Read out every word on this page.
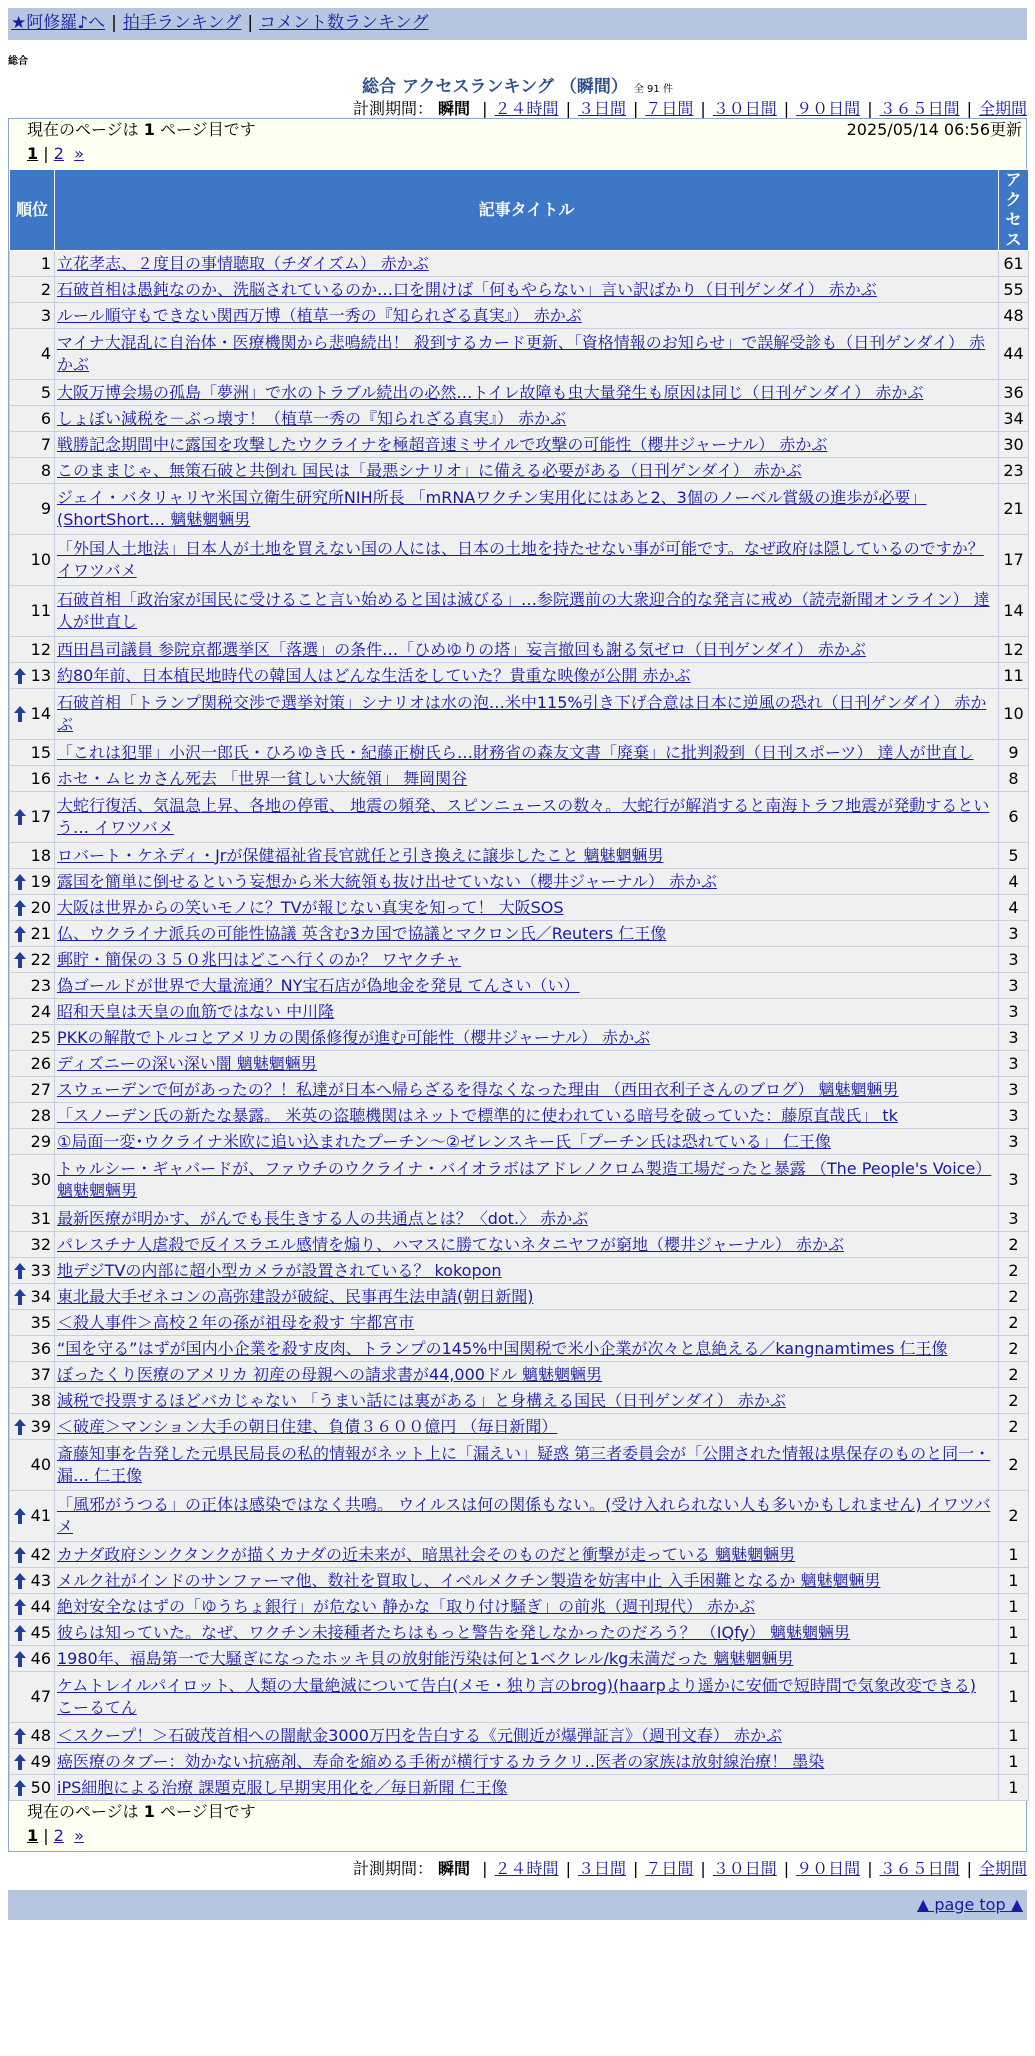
★阿修羅♪へ | 拍手ランキング | コメント数ランキング
総合
総合 アクセスランキング （瞬間） 全 91 件
計測期間： 瞬間 | ２４時間 | ３日間 | ７日間 | ３０日間 | ９０日間 | ３６５日間 | 全期間
現在のページは 1 ページ目です	2025/05/14 06:56更新
1 | 2 »
順位	記事タイトル	アクセス
1	立花孝志、２度目の事情聴取（チダイズム） 赤かぶ	61
2	石破首相は愚鈍なのか、洗脳されているのか…口を開けば「何もやらない」言い訳ばかり（日刊ゲンダイ） 赤かぶ	55
3	ルール順守もできない関西万博（植草一秀の『知られざる真実』） 赤かぶ	48
4	マイナ大混乱に自治体・医療機関から悲鳴続出！ 殺到するカード更新、「資格情報のお知らせ」で誤解受診も（日刊ゲンダイ） 赤かぶ	44
5	大阪万博会場の孤島「夢洲」で水のトラブル続出の必然…トイレ故障も虫大量発生も原因は同じ（日刊ゲンダイ） 赤かぶ	36
6	しょぼい減税を－ぶっ壊す！（植草一秀の『知られざる真実』） 赤かぶ	34
7	戦勝記念期間中に露国を攻撃したウクライナを極超音速ミサイルで攻撃の可能性（櫻井ジャーナル） 赤かぶ	30
8	このままじゃ、無策石破と共倒れ 国民は「最悪シナリオ」に備える必要がある（日刊ゲンダイ） 赤かぶ	23
9	ジェイ・バタリャリヤ米国立衛生研究所NIH所長 「mRNAワクチン実用化にはあと2、3個のノーベル賞級の進歩が必要」(ShortShort… 魑魅魍魎男	21
10	「外国人土地法」日本人が土地を買えない国の人には、日本の土地を持たせない事が可能です。なぜ政府は隠しているのですか？ イワツバメ	17
11	石破首相「政治家が国民に受けること言い始めると国は滅びる」…参院選前の大衆迎合的な発言に戒め（読売新聞オンライン） 達人が世直し	14
12	西田昌司議員 参院京都選挙区「落選」の条件…「ひめゆりの塔」妄言撤回も謝る気ゼロ（日刊ゲンダイ） 赤かぶ	12

13	約80年前、日本植民地時代の韓国人はどんな生活をしていた？貴重な映像が公開 赤かぶ	11

14	石破首相「トランプ関税交渉で選挙対策」シナリオは水の泡…米中115%引き下げ合意は日本に逆風の恐れ（日刊ゲンダイ） 赤かぶ	10
15	「これは犯罪」小沢一郎氏・ひろゆき氏・紀藤正樹氏ら…財務省の森友文書「廃棄」に批判殺到（日刊スポーツ） 達人が世直し	9
16	ホセ・ムヒカさん死去 「世界一貧しい大統領」 舞岡関谷	8

17	大蛇行復活、気温急上昇、各地の停電、 地震の頻発、スピンニュースの数々。大蛇行が解消すると南海トラフ地震が発動するという… イワツバメ	6
18	ロバート・ケネディ・Jrが保健福祉省長官就任と引き換えに譲歩したこと 魑魅魍魎男	5

19	露国を簡単に倒せるという妄想から米大統領も抜け出せていない（櫻井ジャーナル） 赤かぶ	4

20	大阪は世界からの笑いモノに？TVが報じない真実を知って！ 大阪SOS	4

21	仏、ウクライナ派兵の可能性協議 英含む3カ国で協議とマクロン氏／Reuters 仁王像	3

22	郵貯・簡保の３５０兆円はどこへ行くのか？ ワヤクチャ	3
23	偽ゴールドが世界で大量流通？NY宝石店が偽地金を発見 てんさい（い）	3
24	昭和天皇は天皇の血筋ではない 中川隆	3
25	PKKの解散でトルコとアメリカの関係修復が進む可能性（櫻井ジャーナル） 赤かぶ	3
26	ディズニーの深い深い闇 魑魅魍魎男	3
27	スウェーデンで何があったの？！私達が日本へ帰らざるを得なくなった理由 （西田衣利子さんのブログ） 魑魅魍魎男	3
28	「スノーデン氏の新たな暴露。 米英の盗聴機関はネットで標準的に使われている暗号を破っていた：藤原直哉氏」 tk	3
29	①局面一変･ウクライナ米欧に追い込まれたプーチン～②ゼレンスキー氏「プーチン氏は恐れている」 仁王像	3
30	トゥルシー・ギャバードが、ファウチのウクライナ・バイオラボはアドレノクロム製造工場だったと暴露 （The People's Voice） 魑魅魍魎男	3
31	最新医療が明かす、がんでも長生きする人の共通点とは？〈dot.〉 赤かぶ	3
32	パレスチナ人虐殺で反イスラエル感情を煽り、ハマスに勝てないネタニヤフが窮地（櫻井ジャーナル） 赤かぶ	2

33	地デジTVの内部に超小型カメラが設置されている？ kokopon	2

34	東北最大手ゼネコンの高弥建設が破綻、民事再生法申請(朝日新聞)	2
35	＜殺人事件＞高校２年の孫が祖母を殺す 宇都宮市	2
36	“国を守る”はずが国内小企業を殺す皮肉、トランプの145%中国関税で米小企業が次々と息絶える／kangnamtimes 仁王像	2
37	ぼったくり医療のアメリカ 初産の母親への請求書が44,000ドル 魑魅魍魎男	2
38	減税で投票するほどバカじゃない 「うまい話には裏がある」と身構える国民（日刊ゲンダイ） 赤かぶ	2

39	＜破産＞マンション大手の朝日住建、負債３６００億円 （毎日新聞）	2
40	斎藤知事を告発した元県民局長の私的情報がネット上に「漏えい」疑惑 第三者委員会が「公開された情報は県保存のものと同一・漏… 仁王像	2

41	「風邪がうつる」の正体は感染ではなく共鳴。 ウイルスは何の関係もない。(受け入れられない人も多いかもしれません) イワツバメ	2

42	カナダ政府シンクタンクが描くカナダの近未来が、暗黒社会そのものだと衝撃が走っている 魑魅魍魎男	1

43	メルク社がインドのサンファーマ他、数社を買取し、イベルメクチン製造を妨害中止 入手困難となるか 魑魅魍魎男	1

44	絶対安全なはずの「ゆうちょ銀行」が危ない 静かな「取り付け騒ぎ」の前兆（週刊現代） 赤かぶ	1

45	彼らは知っていた。なぜ、ワクチン未接種者たちはもっと警告を発しなかったのだろう？ （IQfy） 魑魅魍魎男	1

46	1980年、福島第一で大騒ぎになったホッキ貝の放射能汚染は何と1ベクレル/kg未満だった 魑魅魍魎男	1
47	ケムトレイルパイロット、人類の大量絶滅について告白(メモ・独り言のbrog)(haarpより遥かに安価で短時間で気象改変できる) こーるてん	1

48	＜スクープ！＞石破茂首相への闇献金3000万円を告白する《元側近が爆弾証言》（週刊文春） 赤かぶ	1

49	癌医療のタブー：効かない抗癌剤、寿命を縮める手術が横行するカラクリ‥医者の家族は放射線治療！ 墨染	1

50	iPS細胞による治療 課題克服し早期実用化を／毎日新聞 仁王像	1
現在のページは 1 ページ目です
1 | 2 »
計測期間： 瞬間 | ２４時間 | ３日間 | ７日間 | ３０日間 | ９０日間 | ３６５日間 | 全期間
▲ page top ▲
